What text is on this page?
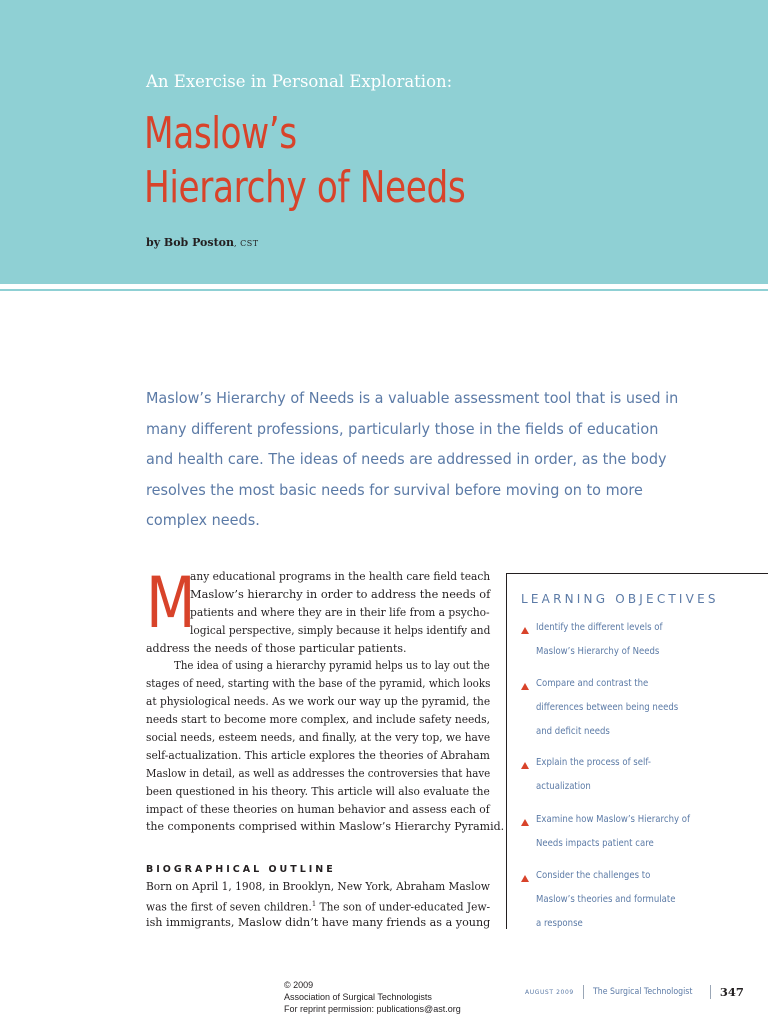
An Exercise in Personal Exploration:
Maslow’s
Hierarchy of Needs
by Bob Poston, CST
Maslow’s Hierarchy of Needs is a valuable assessment tool that is used in
many different professions, particularly those in the fields of education
and health care. The ideas of needs are addressed in order, as the body
resolves the most basic needs for survival before moving on to more
complex needs.
M
any educational programs in the health care field teach
Maslow’s hierarchy in order to address the needs of
patients and where they are in their life from a psycho-
logical perspective, simply because it helps identify and
address the needs of those particular patients.
The idea of using a hierarchy pyramid helps us to lay out the
stages of need, starting with the base of the pyramid, which looks
at physiological needs. As we work our way up the pyramid, the
needs start to become more complex, and include safety needs,
social needs, esteem needs, and finally, at the very top, we have
self-actualization. This article explores the theories of Abraham
Maslow in detail, as well as addresses the controversies that have
been questioned in his theory. This article will also evaluate the
impact of these theories on human behavior and assess each of
the components comprised within Maslow’s Hierarchy Pyramid.
BIOGRAPHICAL OUTLINE
Born on April 1, 1908, in Brooklyn, New York, Abraham Maslow
was the first of seven children.$^1$ The son of under-educated Jew-
ish immigrants, Maslow didn’t have many friends as a young
LEARNING OBJECTIVES
Identify the different levels of
Maslow’s Hierarchy of Needs
Compare and contrast the
differences between being needs
and deficit needs
Explain the process of self-
actualization
Examine how Maslow’s Hierarchy of
Needs impacts patient care
Consider the challenges to
Maslow’s theories and formulate
a response
© 2009
Association of Surgical Technologists
For reprint permission: publications@ast.org
AUGUST 2009 The Surgical Technologist 347
